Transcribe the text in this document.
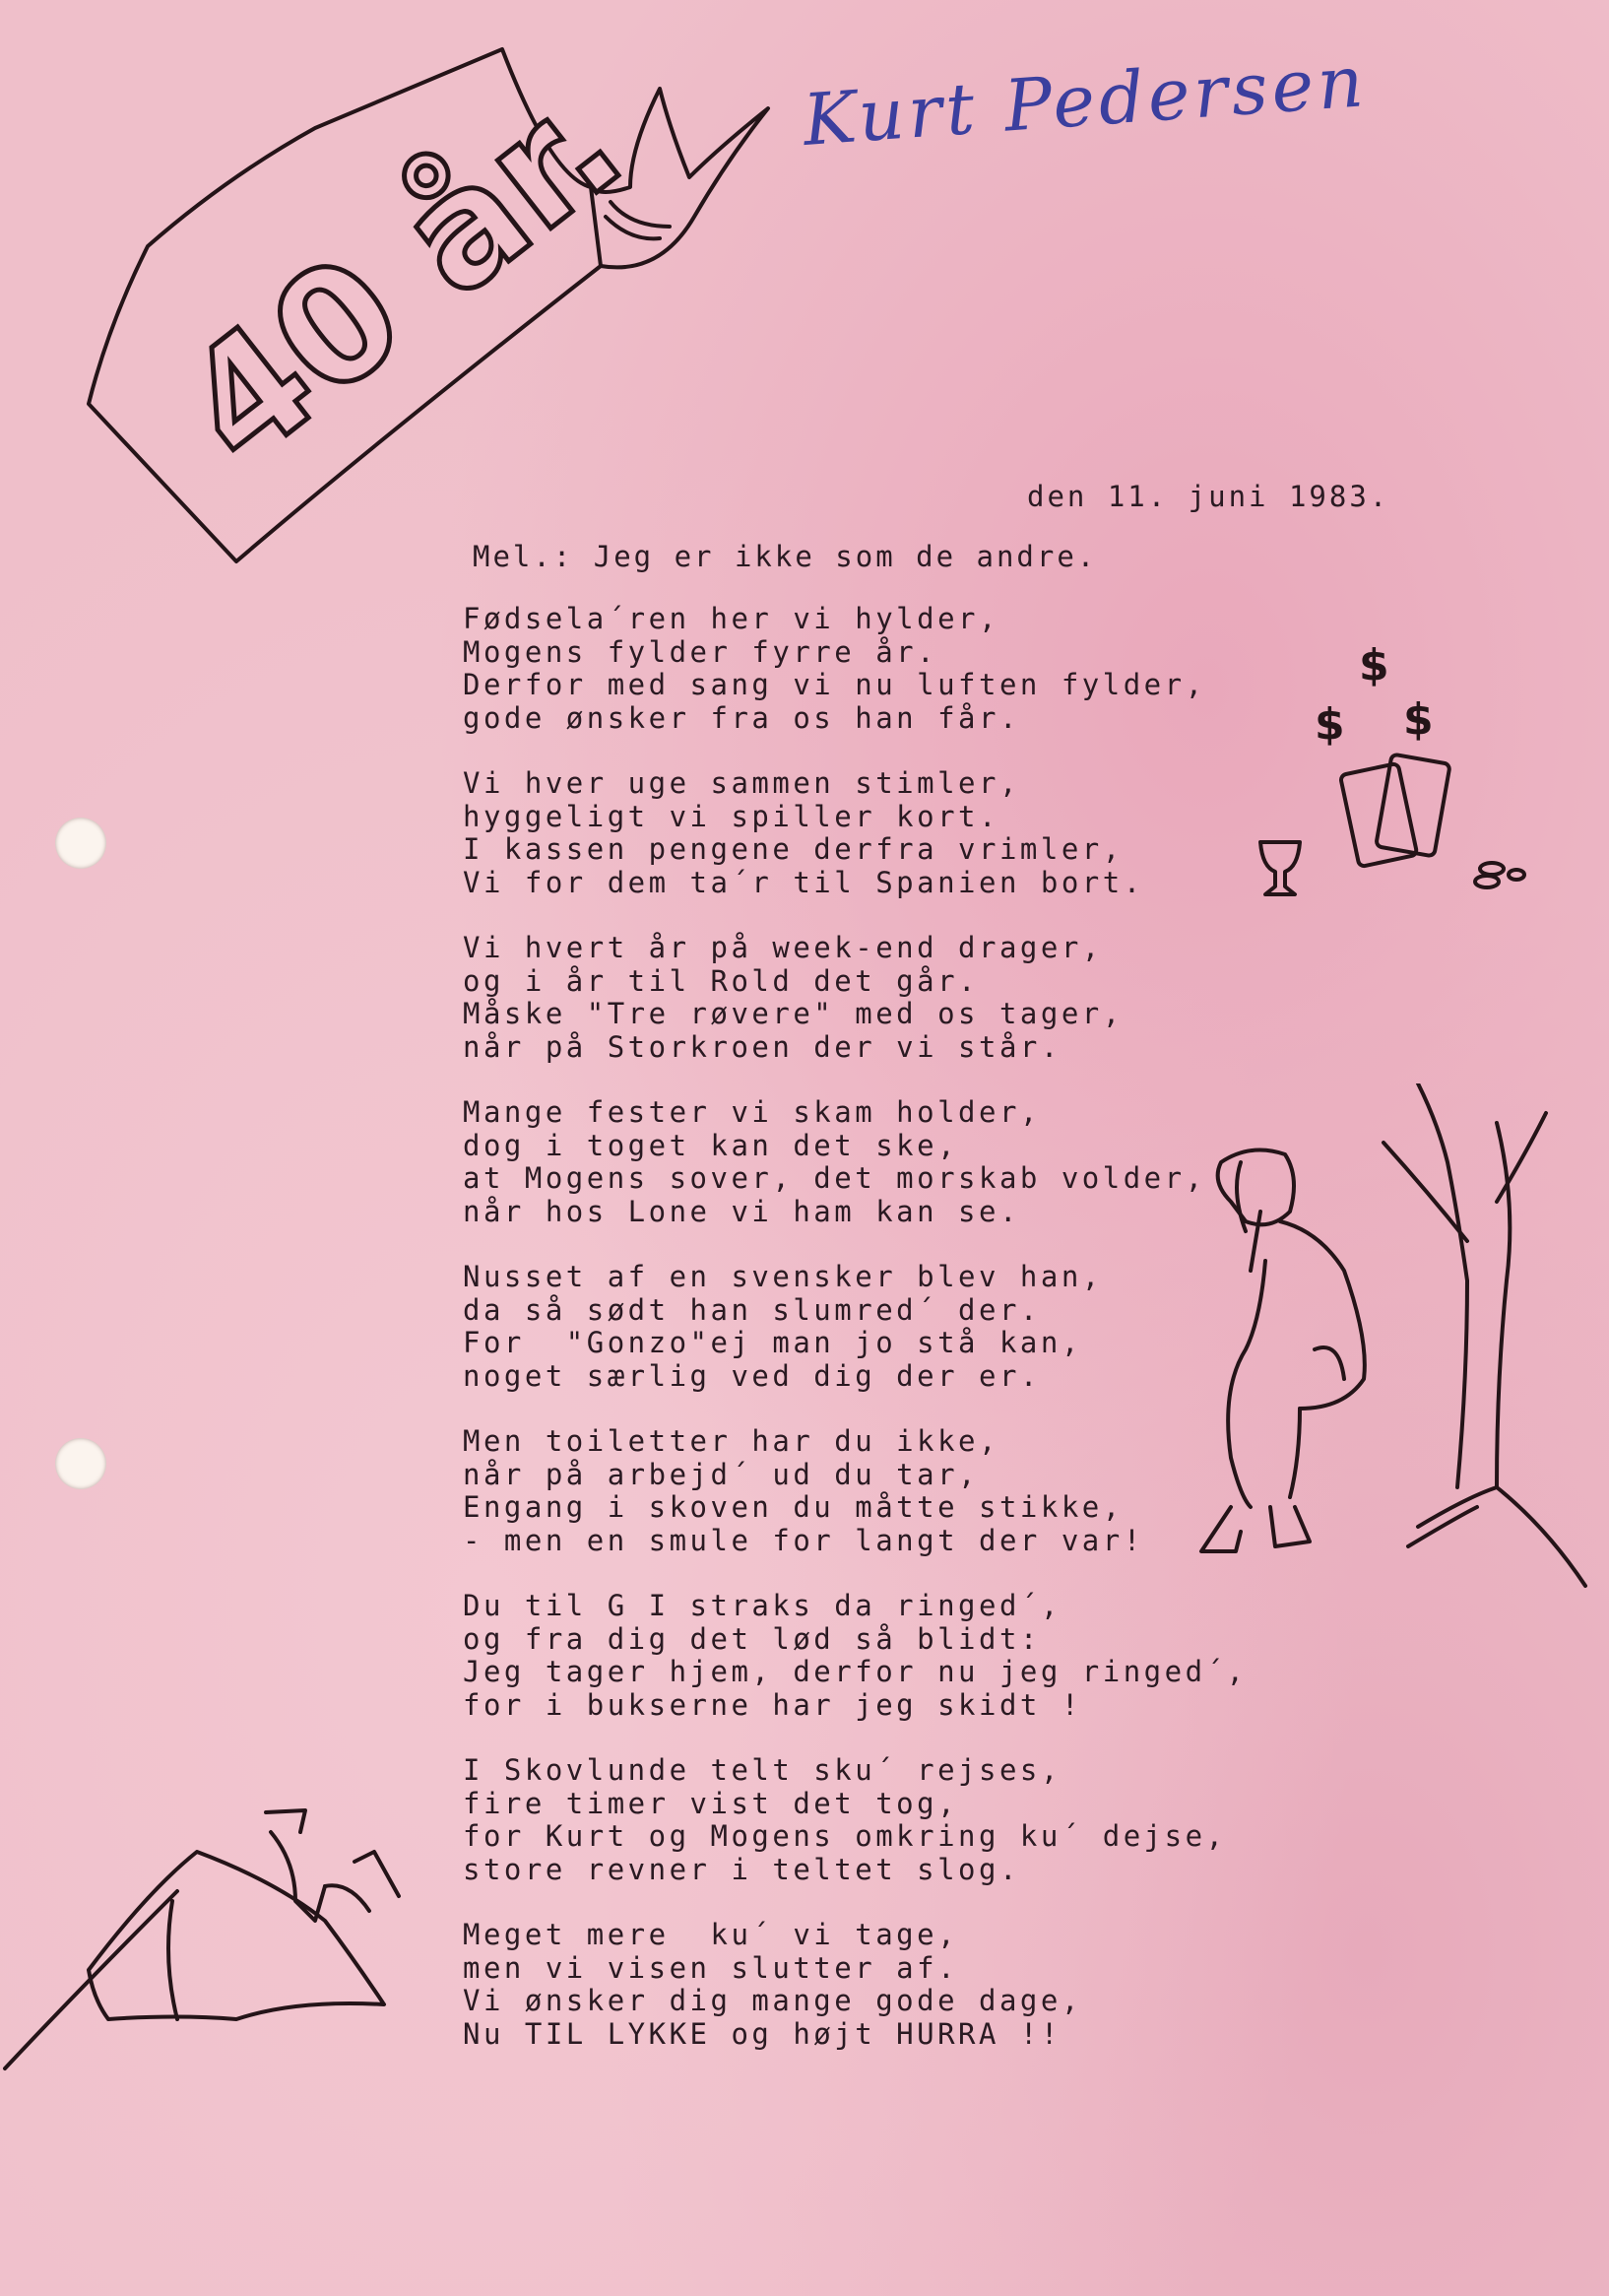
40 år. Kurt Pedersen
den 11. juni 1983.
Mel.: Jeg er ikke som de andre.
Fødsela´ren her vi hylder,
Mogens fylder fyrre år.
Derfor med sang vi nu luften fylder,
gode ønsker fra os han får.
Vi hver uge sammen stimler,
hyggeligt vi spiller kort.
I kassen pengene derfra vrimler,
Vi for dem ta´r til Spanien bort.
Vi hvert år på week-end drager,
og i år til Rold det går.
Måske "Tre røvere" med os tager,
når på Storkroen der vi står.
Mange fester vi skam holder,
dog i toget kan det ske,
at Mogens sover, det morskab volder,
når hos Lone vi ham kan se.
Nusset af en svensker blev han,
da så sødt han slumred´ der.
For  "Gonzo"ej man jo stå kan,
noget særlig ved dig der er.
Men toiletter har du ikke,
når på arbejd´ ud du tar,
Engang i skoven du måtte stikke,
- men en smule for langt der var!
Du til G I straks da ringed´,
og fra dig det lød så blidt:
Jeg tager hjem, derfor nu jeg ringed´,
for i bukserne har jeg skidt !
I Skovlunde telt sku´ rejses,
fire timer vist det tog,
for Kurt og Mogens omkring ku´ dejse,
store revner i teltet slog.
Meget mere  ku´ vi tage,
men vi visen slutter af.
Vi ønsker dig mange gode dage,
Nu TIL LYKKE og højt HURRA !!
$
$ $
